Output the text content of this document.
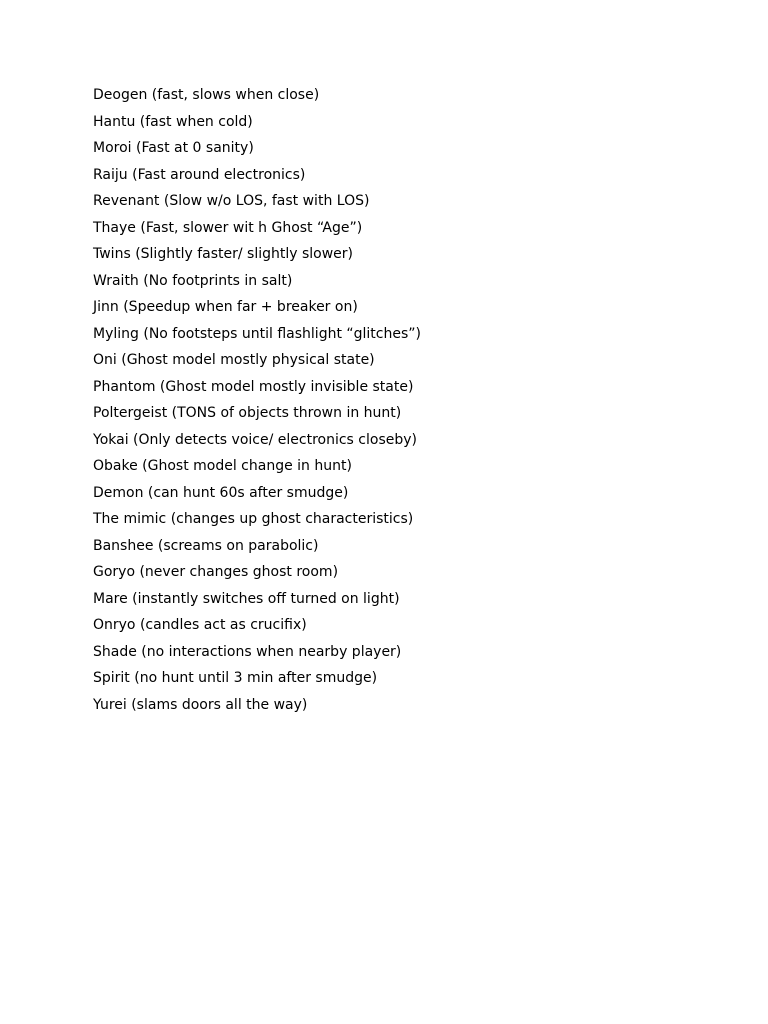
Deogen (fast, slows when close)
Hantu (fast when cold)
Moroi (Fast at 0 sanity)
Raiju (Fast around electronics)
Revenant (Slow w/o LOS, fast with LOS)
Thaye (Fast, slower wit h Ghost “Age”)
Twins (Slightly faster/ slightly slower)
Wraith (No footprints in salt)
Jinn (Speedup when far + breaker on)
Myling (No footsteps until flashlight “glitches”)
Oni (Ghost model mostly physical state)
Phantom (Ghost model mostly invisible state)
Poltergeist (TONS of objects thrown in hunt)
Yokai (Only detects voice/ electronics closeby)
Obake (Ghost model change in hunt)
Demon (can hunt 60s after smudge)
The mimic (changes up ghost characteristics)
Banshee (screams on parabolic)
Goryo (never changes ghost room)
Mare (instantly switches off turned on light)
Onryo (candles act as crucifix)
Shade (no interactions when nearby player)
Spirit (no hunt until 3 min after smudge)
Yurei (slams doors all the way)
